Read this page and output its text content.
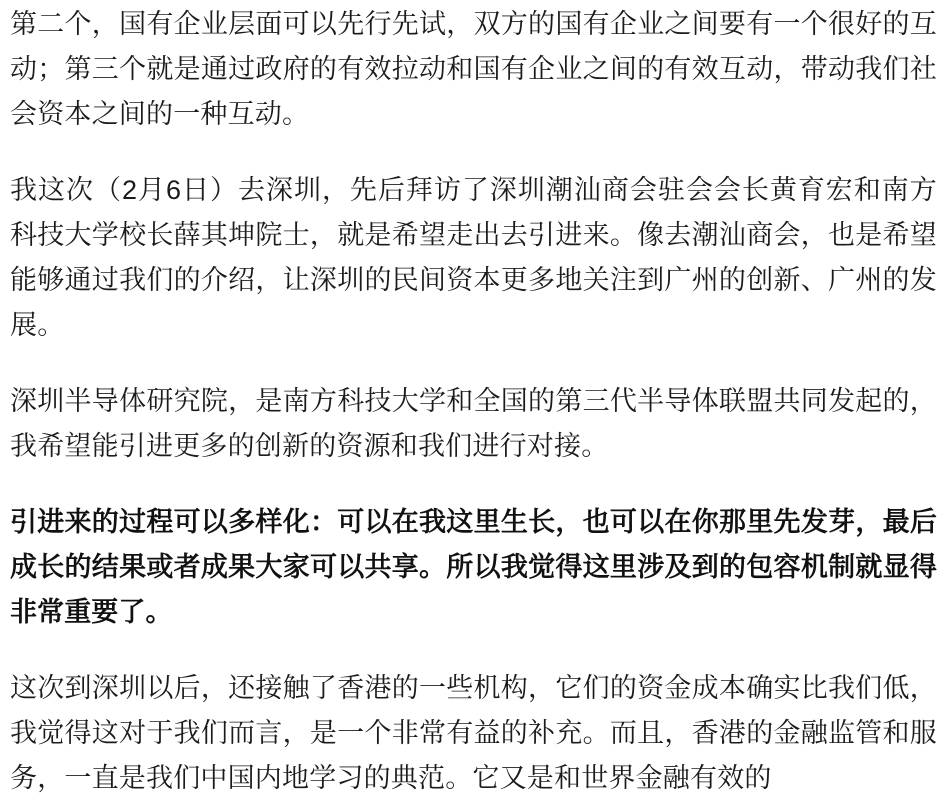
第二个，国有企业层面可以先行先试，双方的国有企业之间要有一个很好的互动；第三个就是通过政府的有效拉动和国有企业之间的有效互动，带动我们社会资本之间的一种互动。

我这次（2月6日）去深圳，先后拜访了深圳潮汕商会驻会会长黄育宏和南方科技大学校长薛其坤院士，就是希望走出去引进来。像去潮汕商会，也是希望能够通过我们的介绍，让深圳的民间资本更多地关注到广州的创新、广州的发展。

深圳半导体研究院，是南方科技大学和全国的第三代半导体联盟共同发起的，我希望能引进更多的创新的资源和我们进行对接。

引进来的过程可以多样化：可以在我这里生长，也可以在你那里先发芽，最后成长的结果或者成果大家可以共享。所以我觉得这里涉及到的包容机制就显得非常重要了。

这次到深圳以后，还接触了香港的一些机构，它们的资金成本确实比我们低，我觉得这对于我们而言，是一个非常有益的补充。而且，香港的金融监管和服务，一直是我们中国内地学习的典范。它又是和世界金融有效的
